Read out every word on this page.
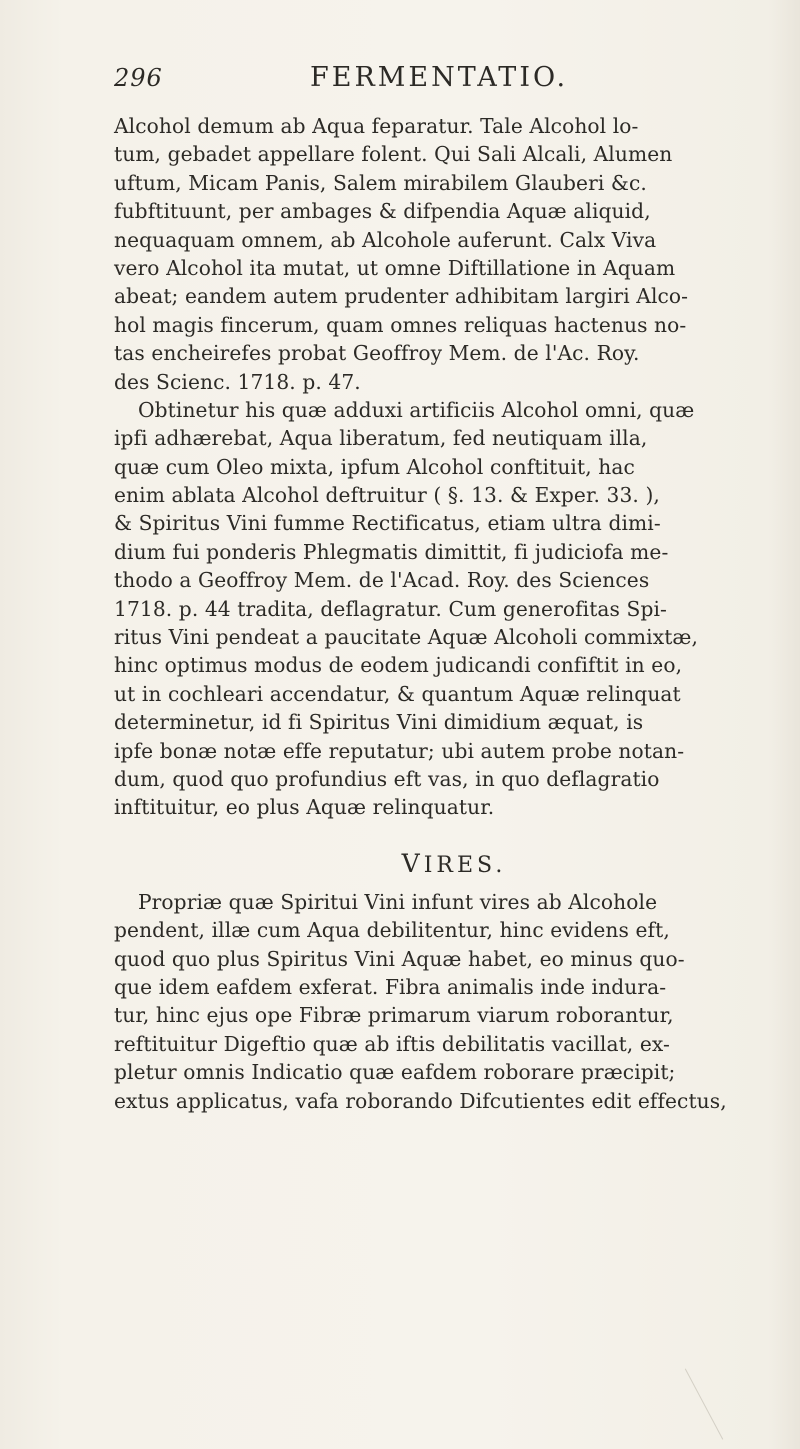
296	FERMENTATIO.
Alcohol demum ab Aqua feparatur. Tale Alcohol lo-
tum, gebadet appellare folent. Qui Sali Alcali, Alumen
uftum, Micam Panis, Salem mirabilem Glauberi &c.
fubftituunt, per ambages & difpendia Aquæ aliquid,
nequaquam omnem, ab Alcohole auferunt. Calx Viva
vero Alcohol ita mutat, ut omne Diftillatione in Aquam
abeat; eandem autem prudenter adhibitam largiri Alco-
hol magis fincerum, quam omnes reliquas hactenus no-
tas encheirefes probat Geoffroy Mem. de l'Ac. Roy.
des Scienc. 1718. p. 47.
Obtinetur his quæ adduxi artificiis Alcohol omni, quæ
ipfi adhærebat, Aqua liberatum, fed neutiquam illa,
quæ cum Oleo mixta, ipfum Alcohol conftituit, hac
enim ablata Alcohol deftruitur ( §. 13. & Exper. 33. ),
& Spiritus Vini fumme Rectificatus, etiam ultra dimi-
dium fui ponderis Phlegmatis dimittit, fi judiciofa me-
thodo a Geoffroy Mem. de l'Acad. Roy. des Sciences
1718. p. 44 tradita, deflagratur. Cum generofitas Spi-
ritus Vini pendeat a paucitate Aquæ Alcoholi commixtæ,
hinc optimus modus de eodem judicandi confiftit in eo,
ut in cochleari accendatur, & quantum Aquæ relinquat
determinetur, id fi Spiritus Vini dimidium æquat, is
ipfe bonæ notæ effe reputatur; ubi autem probe notan-
dum, quod quo profundius eft vas, in quo deflagratio
inftituitur, eo plus Aquæ relinquatur.
VIRES.
Propriæ quæ Spiritui Vini infunt vires ab Alcohole
pendent, illæ cum Aqua debilitentur, hinc evidens eft,
quod quo plus Spiritus Vini Aquæ habet, eo minus quo-
que idem eafdem exferat. Fibra animalis inde indura-
tur, hinc ejus ope Fibræ primarum viarum roborantur,
reftituitur Digeftio quæ ab iftis debilitatis vacillat, ex-
pletur omnis Indicatio quæ eafdem roborare præcipit;
extus applicatus, vafa roborando Difcutientes edit effectus,
